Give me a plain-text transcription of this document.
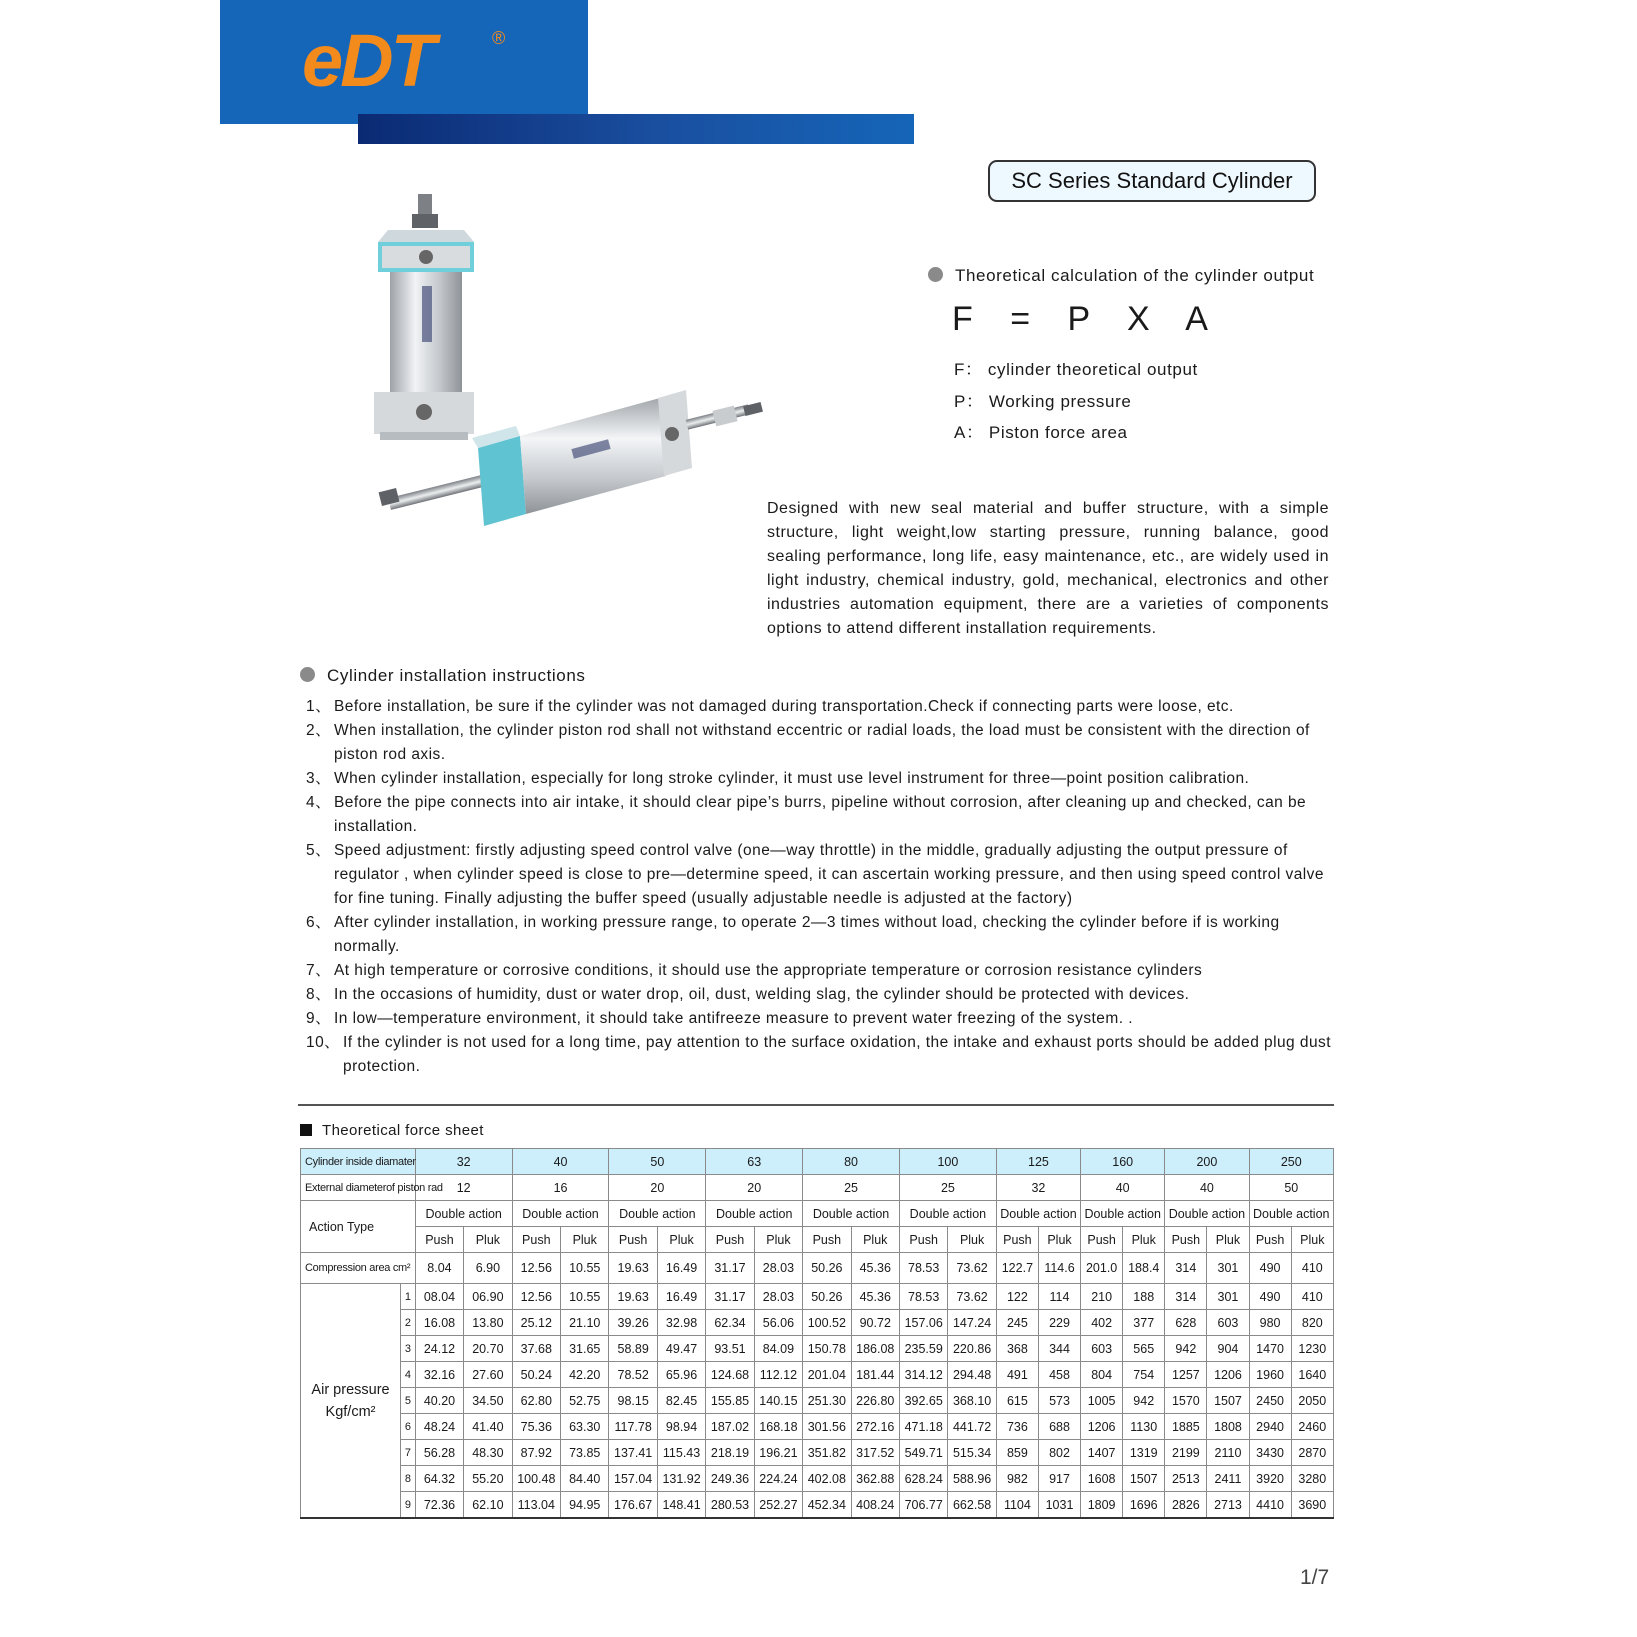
eDT	®
SC Series Standard Cylinder
Theoretical calculation of the cylinder output
F = P X A
F： cylinder theoretical output
P： Working pressure
A： Piston force area
Designed with new seal material and buffer structure, with a simple structure, light weight,low starting pressure, running balance, good sealing performance, long life, easy maintenance, etc., are widely used in light industry, chemical industry, gold, mechanical, electronics and other industries automation equipment, there are a varieties of components options to attend different installation requirements.
Cylinder installation instructions
1、 Before installation, be sure if the cylinder was not damaged during transportation.Check if connecting parts were loose, etc.
2、 When installation, the cylinder piston rod shall not withstand eccentric or radial loads, the load must be consistent with the direction of piston rod axis.
3、 When cylinder installation, especially for long stroke cylinder, it must use level instrument for three—point position calibration.
4、 Before the pipe connects into air intake, it should clear pipe’s burrs, pipeline without corrosion, after cleaning up and checked, can be installation.
5、 Speed adjustment: firstly adjusting speed control valve (one—way throttle) in the middle, gradually adjusting the output pressure of regulator , when cylinder speed is close to pre—determine speed, it can ascertain working pressure, and then using speed control valve for fine tuning. Finally adjusting the buffer speed (usually adjustable needle is adjusted at the factory)
6、 After cylinder installation, in working pressure range, to operate 2—3 times without load, checking the cylinder before if is working normally.
7、 At high temperature or corrosive conditions, it should use the appropriate temperature or corrosion resistance cylinders
8、 In the occasions of humidity, dust or water drop, oil, dust, welding slag, the cylinder should be protected with devices.
9、 In low—temperature environment, it should take antifreeze measure to prevent water freezing of the system. .
10、 If the cylinder is not used for a long time, pay attention to the surface oxidation, the intake and exhaust ports should be added plug dust protection.
Theoretical force sheet
Cylinder inside diamater		32		40		50		63		80		100		125		160		200		250	
External diameterof piston rad		12		16		20		20		25		25		32		40		40		50	
Action Type		Double action		Double action		Double action		Double action		Double action		Double action		Double action		Double action		Double action		Double action	
		Push	Pluk	Push	Pluk	Push	Pluk	Push	Pluk	Push	Pluk	Push	Pluk	Push	Pluk	Push	Pluk	Push	Pluk	Push	Pluk
Compression area cm²		8.04	6.90	12.56	10.55	19.63	16.49	31.17	28.03	50.26	45.36	78.53	73.62	122.7	114.6	201.0	188.4	314	301	490	410

Air pressure
Kgf/cm²	1	08.04	06.90	12.56	10.55	19.63	16.49	31.17	28.03	50.26	45.36	78.53	73.62	122	114	210	188	314	301	490	410
	2	16.08	13.80	25.12	21.10	39.26	32.98	62.34	56.06	100.52	90.72	157.06	147.24	245	229	402	377	628	603	980	820
	3	24.12	20.70	37.68	31.65	58.89	49.47	93.51	84.09	150.78	186.08	235.59	220.86	368	344	603	565	942	904	1470	1230
	4	32.16	27.60	50.24	42.20	78.52	65.96	124.68	112.12	201.04	181.44	314.12	294.48	491	458	804	754	1257	1206	1960	1640
	5	40.20	34.50	62.80	52.75	98.15	82.45	155.85	140.15	251.30	226.80	392.65	368.10	615	573	1005	942	1570	1507	2450	2050
	6	48.24	41.40	75.36	63.30	117.78	98.94	187.02	168.18	301.56	272.16	471.18	441.72	736	688	1206	1130	1885	1808	2940	2460
	7	56.28	48.30	87.92	73.85	137.41	115.43	218.19	196.21	351.82	317.52	549.71	515.34	859	802	1407	1319	2199	2110	3430	2870
	8	64.32	55.20	100.48	84.40	157.04	131.92	249.36	224.24	402.08	362.88	628.24	588.96	982	917	1608	1507	2513	2411	3920	3280
	9	72.36	62.10	113.04	94.95	176.67	148.41	280.53	252.27	452.34	408.24	706.77	662.58	1104	1031	1809	1696	2826	2713	4410	3690
1/7
